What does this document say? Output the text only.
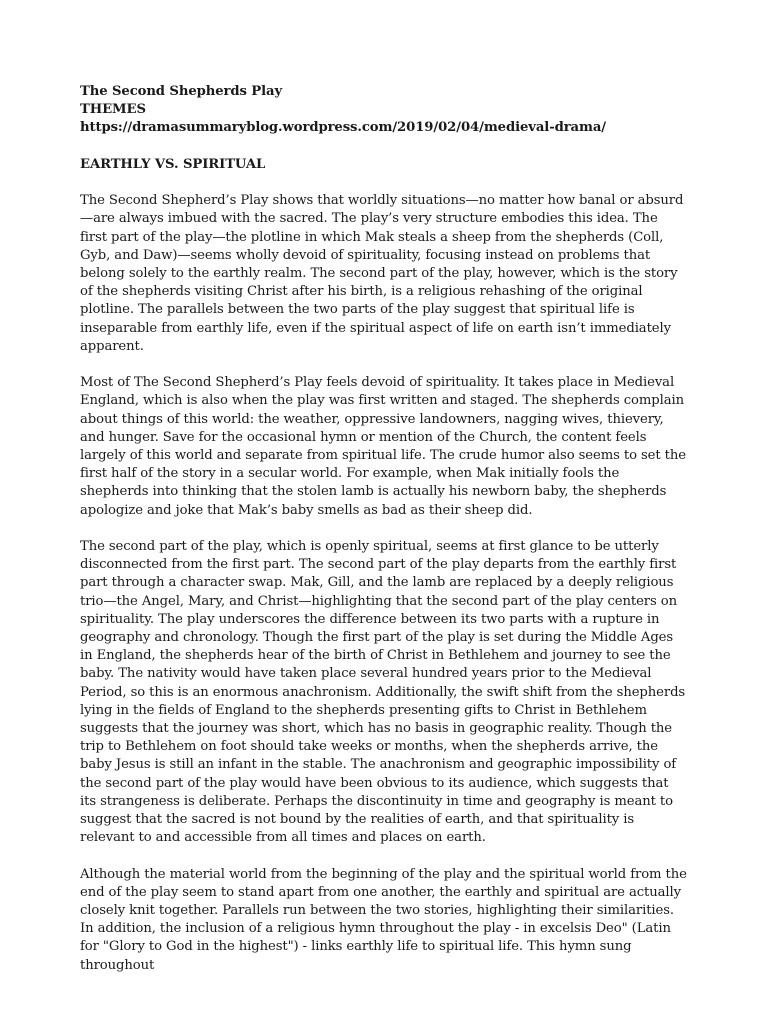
The Second Shepherds Play
THEMES
https://dramasummaryblog.wordpress.com/2019/02/04/medieval-drama/
EARTHLY VS. SPIRITUAL

The Second Shepherd’s Play shows that worldly situations—no matter how banal or absurd—are always imbued with the sacred. The play’s very structure embodies this idea. The first part of the play—the plotline in which Mak steals a sheep from the shepherds (Coll, Gyb, and Daw)—seems wholly devoid of spirituality, focusing instead on problems that belong solely to the earthly realm. The second part of the play, however, which is the story of the shepherds visiting Christ after his birth, is a religious rehashing of the original plotline. The parallels between the two parts of the play suggest that spiritual life is inseparable from earthly life, even if the spiritual aspect of life on earth isn’t immediately apparent.

Most of The Second Shepherd’s Play feels devoid of spirituality. It takes place in Medieval England, which is also when the play was first written and staged. The shepherds complain about things of this world: the weather, oppressive landowners, nagging wives, thievery, and hunger. Save for the occasional hymn or mention of the Church, the content feels largely of this world and separate from spiritual life. The crude humor also seems to set the first half of the story in a secular world. For example, when Mak initially fools the shepherds into thinking that the stolen lamb is actually his newborn baby, the shepherds apologize and joke that Mak’s baby smells as bad as their sheep did.

The second part of the play, which is openly spiritual, seems at first glance to be utterly disconnected from the first part. The second part of the play departs from the earthly first part through a character swap. Mak, Gill, and the lamb are replaced by a deeply religious trio—the Angel, Mary, and Christ—highlighting that the second part of the play centers on spirituality. The play underscores the difference between its two parts with a rupture in geography and chronology. Though the first part of the play is set during the Middle Ages in England, the shepherds hear of the birth of Christ in Bethlehem and journey to see the baby. The nativity would have taken place several hundred years prior to the Medieval Period, so this is an enormous anachronism. Additionally, the swift shift from the shepherds lying in the fields of England to the shepherds presenting gifts to Christ in Bethlehem suggests that the journey was short, which has no basis in geographic reality. Though the trip to Bethlehem on foot should take weeks or months, when the shepherds arrive, the baby Jesus is still an infant in the stable. The anachronism and geographic impossibility of the second part of the play would have been obvious to its audience, which suggests that its strangeness is deliberate. Perhaps the discontinuity in time and geography is meant to suggest that the sacred is not bound by the realities of earth, and that spirituality is relevant to and accessible from all times and places on earth.

Although the material world from the beginning of the play and the spiritual world from the end of the play seem to stand apart from one another, the earthly and spiritual are actually closely knit together. Parallels run between the two stories, highlighting their similarities. In addition, the inclusion of a religious hymn throughout the play - in excelsis Deo" (Latin for "Glory to God in the highest") - links earthly life to spiritual life. This hymn sung throughout
